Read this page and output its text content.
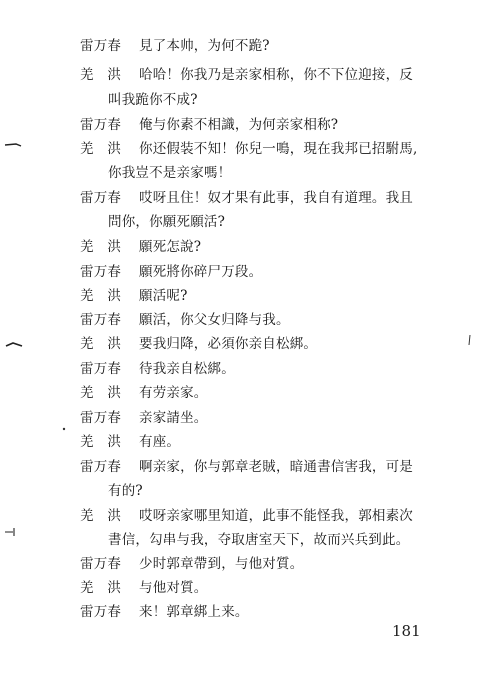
雷万春	見了本帅，为何不跪?
羌　洪	哈哈！你我乃是亲家相称，你不下位迎接，反
叫我跪你不成?
雷万春	俺与你素不相識，为何亲家相称?
羌　洪	你还假装不知！你兒一鳴，現在我邦已招駙馬,
你我豈不是亲家嗎！
雷万春	哎呀且住！奴才果有此事，我自有道理。我且
問你，你願死願活?
羌　洪	願死怎說?
雷万春	願死將你碎尸万段。
羌　洪	願活呢?
雷万春	願活，你父女归降与我。
羌　洪	要我归降，必須你亲自松綁。
雷万春	待我亲自松綁。
羌　洪	有劳亲家。
雷万春	亲家請坐。
羌　洪	有座。
雷万春	啊亲家，你与郭章老賊，暗通書信害我，可是
有的?
羌　洪	哎呀亲家哪里知道，此事不能怪我，郭相素次
書信，勾串与我，夺取唐室天下，故而兴兵到此。
雷万春	少时郭章帶到，与他对質。
羌　洪	与他对質。
雷万春	来！郭章綁上来。
181
